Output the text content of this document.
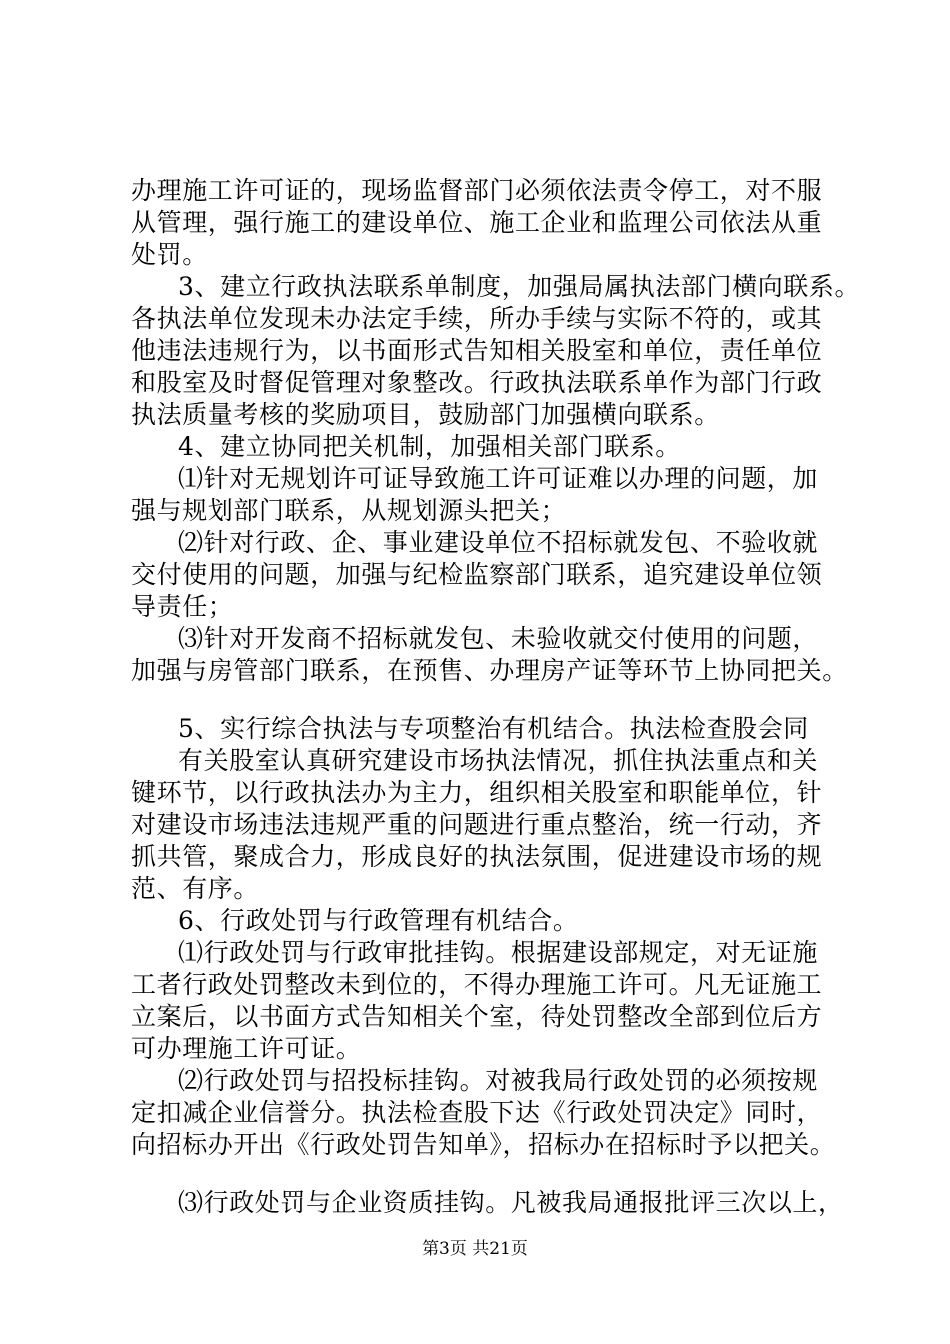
办理施工许可证的，现场监督部门必须依法责令停工，对不服
从管理，强行施工的建设单位、施工企业和监理公司依法从重
处罚。
3、建立行政执法联系单制度，加强局属执法部门横向联系。
各执法单位发现未办法定手续，所办手续与实际不符的，或其
他违法违规行为，以书面形式告知相关股室和单位，责任单位
和股室及时督促管理对象整改。行政执法联系单作为部门行政
执法质量考核的奖励项目，鼓励部门加强横向联系。
4、建立协同把关机制，加强相关部门联系。
⑴针对无规划许可证导致施工许可证难以办理的问题，加
强与规划部门联系，从规划源头把关；
⑵针对行政、企、事业建设单位不招标就发包、不验收就
交付使用的问题，加强与纪检监察部门联系，追究建设单位领
导责任；
⑶针对开发商不招标就发包、未验收就交付使用的问题，
加强与房管部门联系，在预售、办理房产证等环节上协同把关。
5、实行综合执法与专项整治有机结合。执法检查股会同
有关股室认真研究建设市场执法情况，抓住执法重点和关
键环节，以行政执法办为主力，组织相关股室和职能单位，针
对建设市场违法违规严重的问题进行重点整治，统一行动，齐
抓共管，聚成合力，形成良好的执法氛围，促进建设市场的规
范、有序。
6、行政处罚与行政管理有机结合。
⑴行政处罚与行政审批挂钩。根据建设部规定，对无证施
工者行政处罚整改未到位的，不得办理施工许可。凡无证施工
立案后，以书面方式告知相关个室，待处罚整改全部到位后方
可办理施工许可证。
⑵行政处罚与招投标挂钩。对被我局行政处罚的必须按规
定扣减企业信誉分。执法检查股下达《行政处罚决定》同时，
向招标办开出《行政处罚告知单》，招标办在招标时予以把关。
⑶行政处罚与企业资质挂钩。凡被我局通报批评三次以上，
第3页 共21页
